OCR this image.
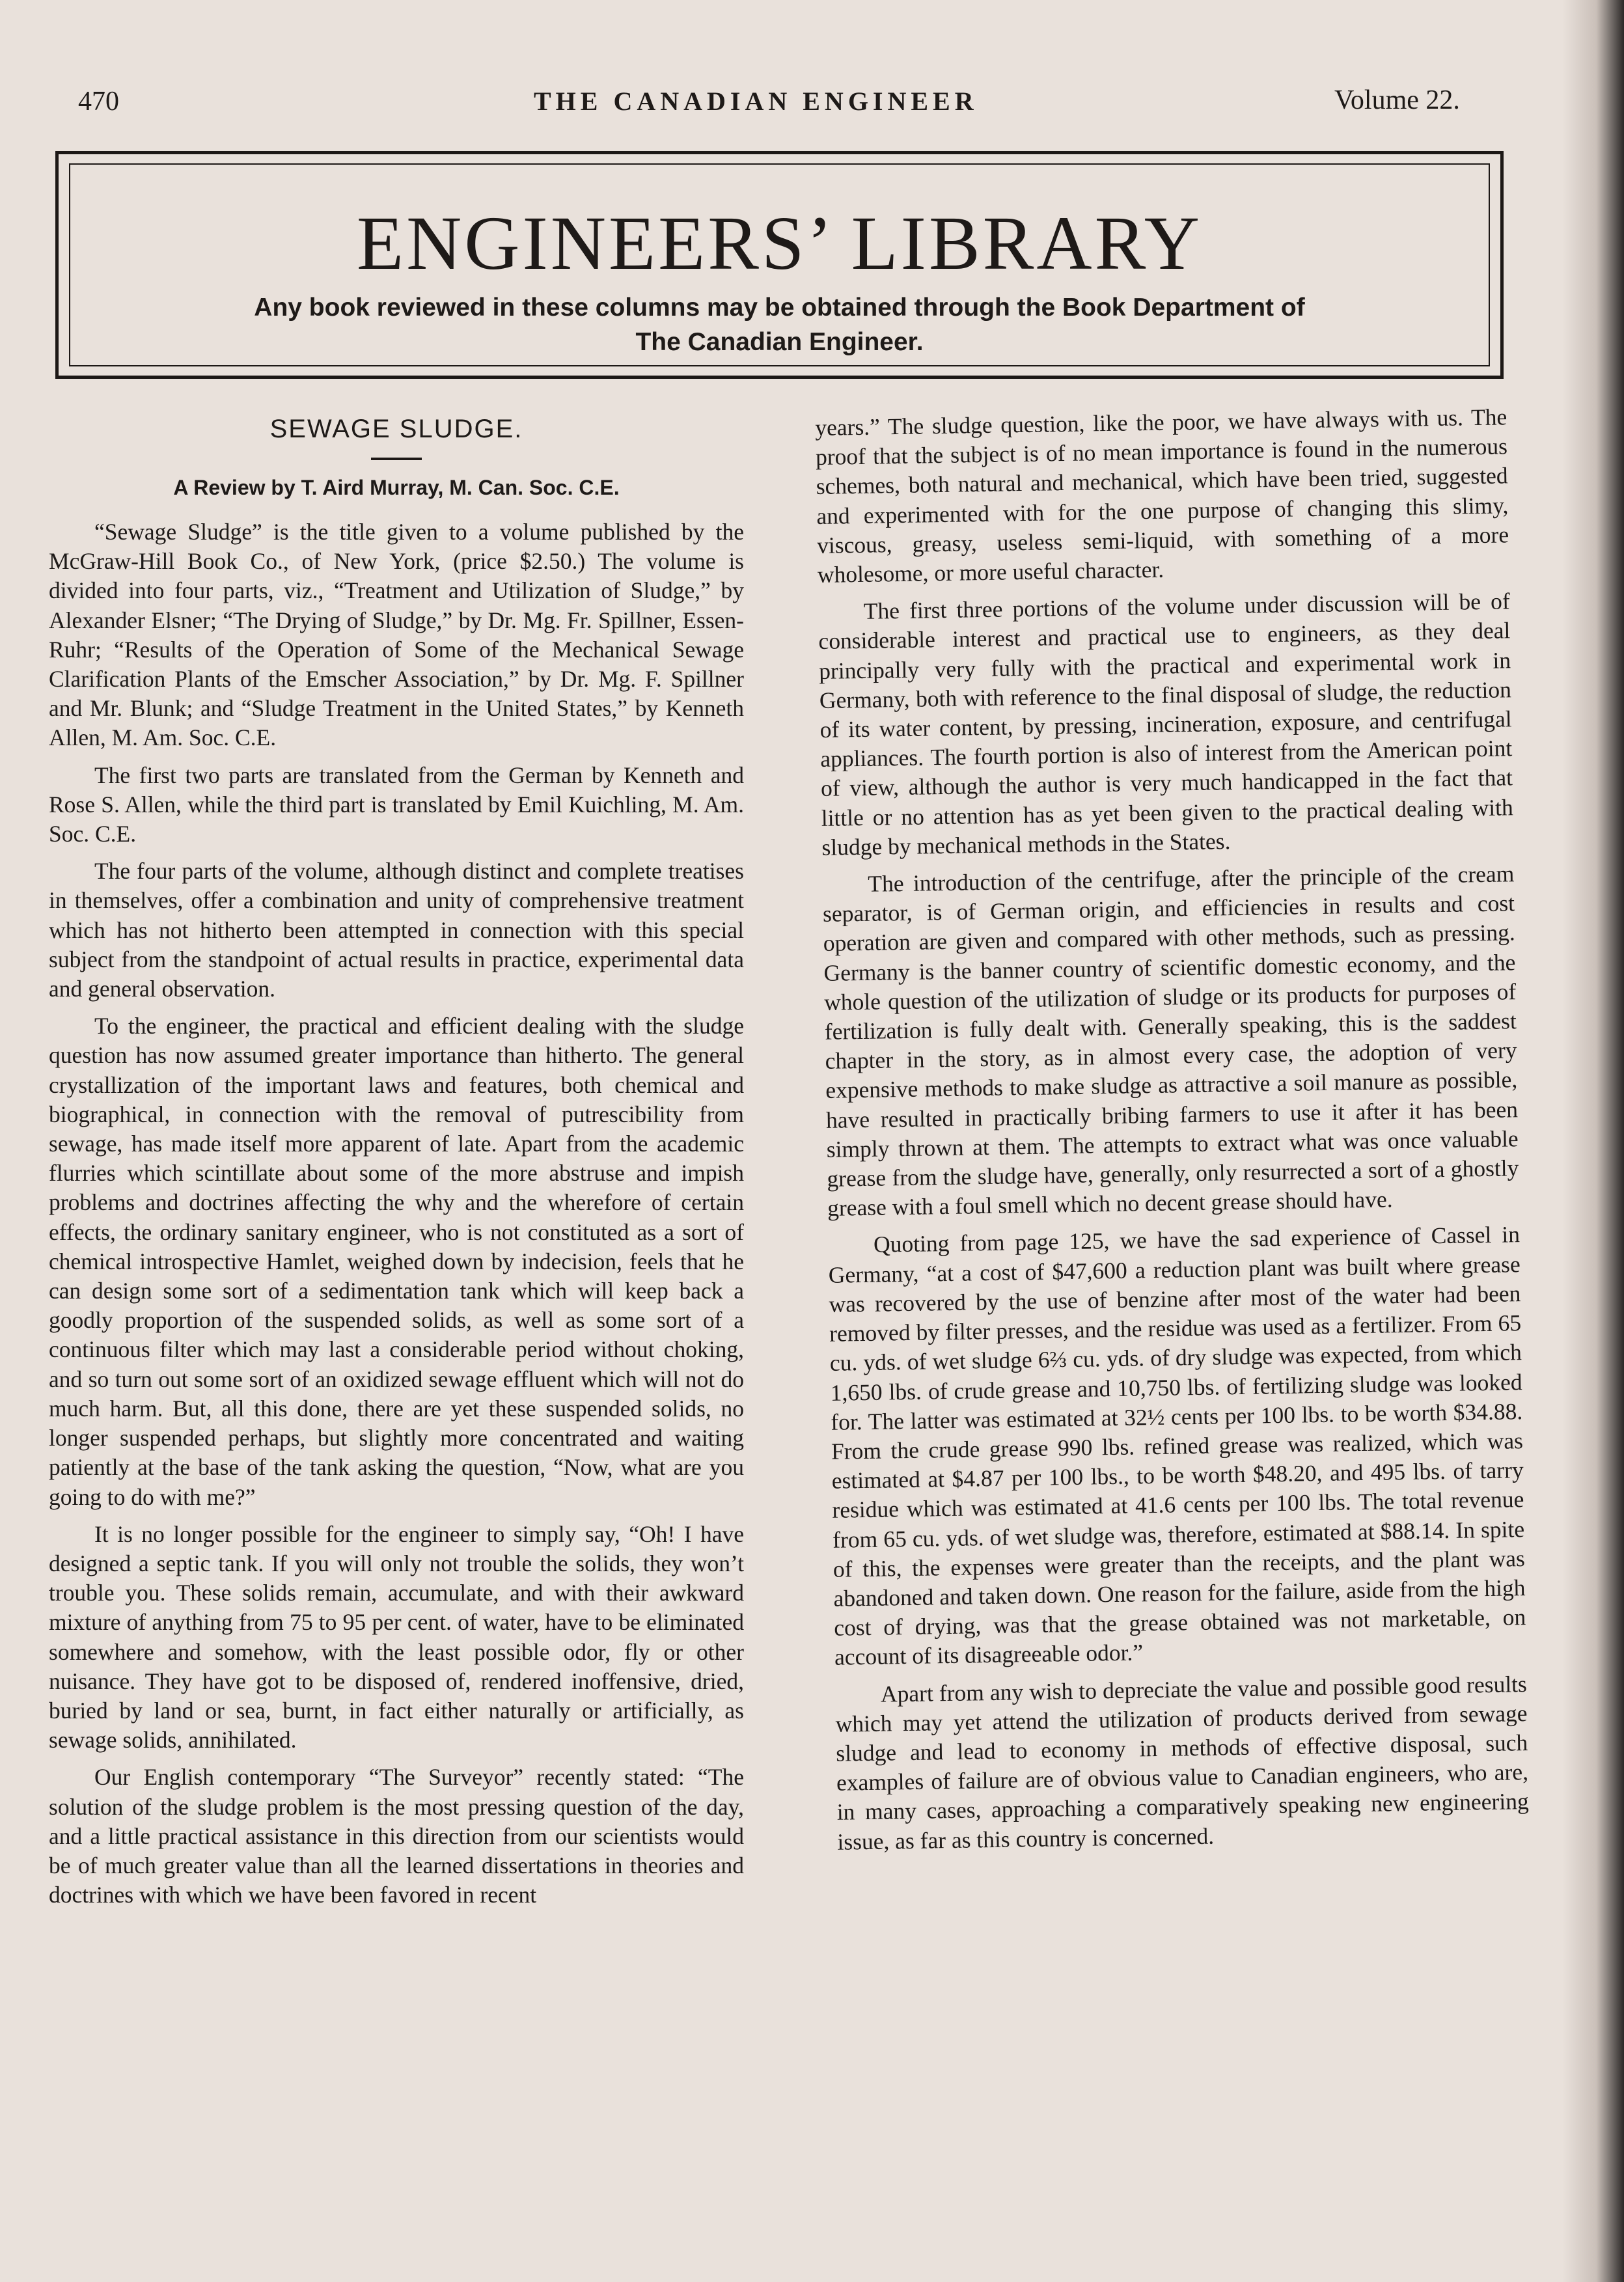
470	THE CANADIAN ENGINEER	Volume 22.
ENGINEERS’ LIBRARY
Any book reviewed in these columns may be obtained through the Book Department of
The Canadian Engineer.
SEWAGE SLUDGE.
A Review by T. Aird Murray, M. Can. Soc. C.E.

“Sewage Sludge” is the title given to a volume published by the McGraw-Hill Book Co., of New York, (price $2.50.) The volume is divided into four parts, viz., “Treatment and Utilization of Sludge,” by Alexander Elsner; “The Drying of Sludge,” by Dr. Mg. Fr. Spillner, Essen-Ruhr; “Results of the Operation of Some of the Mechanical Sewage Clarification Plants of the Emscher Association,” by Dr. Mg. F. Spillner and Mr. Blunk; and “Sludge Treatment in the United States,” by Kenneth Allen, M. Am. Soc. C.E.

The first two parts are translated from the German by Kenneth and Rose S. Allen, while the third part is translated by Emil Kuichling, M. Am. Soc. C.E.

The four parts of the volume, although distinct and complete treatises in themselves, offer a combination and unity of comprehensive treatment which has not hitherto been attempted in connection with this special subject from the standpoint of actual results in practice, experimental data and general observation.

To the engineer, the practical and efficient dealing with the sludge question has now assumed greater importance than hitherto. The general crystallization of the important laws and features, both chemical and biographical, in connection with the removal of putrescibility from sewage, has made itself more apparent of late. Apart from the academic flurries which scintillate about some of the more abstruse and impish problems and doctrines affecting the why and the wherefore of certain effects, the ordinary sanitary engineer, who is not constituted as a sort of chemical introspective Hamlet, weighed down by indecision, feels that he can design some sort of a sedimentation tank which will keep back a goodly proportion of the suspended solids, as well as some sort of a continuous filter which may last a considerable period without choking, and so turn out some sort of an oxidized sewage effluent which will not do much harm. But, all this done, there are yet these suspended solids, no longer suspended perhaps, but slightly more concentrated and waiting patiently at the base of the tank asking the question, “Now, what are you going to do with me?”

It is no longer possible for the engineer to simply say, “Oh! I have designed a septic tank. If you will only not trouble the solids, they won’t trouble you. These solids remain, accumulate, and with their awkward mixture of anything from 75 to 95 per cent. of water, have to be eliminated somewhere and somehow, with the least possible odor, fly or other nuisance. They have got to be disposed of, rendered inoffensive, dried, buried by land or sea, burnt, in fact either naturally or artificially, as sewage solids, annihilated.

Our English contemporary “The Surveyor” recently stated: “The solution of the sludge problem is the most pressing question of the day, and a little practical assistance in this direction from our scientists would be of much greater value than all the learned dissertations in theories and doctrines with which we have been favored in recent

years.” The sludge question, like the poor, we have always with us. The proof that the subject is of no mean importance is found in the numerous schemes, both natural and mechanical, which have been tried, suggested and experimented with for the one purpose of changing this slimy, viscous, greasy, useless semi-liquid, with something of a more wholesome, or more useful character.

The first three portions of the volume under discussion will be of considerable interest and practical use to engineers, as they deal principally very fully with the practical and experimental work in Germany, both with reference to the final disposal of sludge, the reduction of its water content, by pressing, incineration, exposure, and centrifugal appliances. The fourth portion is also of interest from the American point of view, although the author is very much handicapped in the fact that little or no attention has as yet been given to the practical dealing with sludge by mechanical methods in the States.

The introduction of the centrifuge, after the principle of the cream separator, is of German origin, and efficiencies in results and cost operation are given and compared with other methods, such as pressing. Germany is the banner country of scientific domestic economy, and the whole question of the utilization of sludge or its products for purposes of fertilization is fully dealt with. Generally speaking, this is the saddest chapter in the story, as in almost every case, the adoption of very expensive methods to make sludge as attractive a soil manure as possible, have resulted in practically bribing farmers to use it after it has been simply thrown at them. The attempts to extract what was once valuable grease from the sludge have, generally, only resurrected a sort of a ghostly grease with a foul smell which no decent grease should have.

Quoting from page 125, we have the sad experience of Cassel in Germany, “at a cost of $47,600 a reduction plant was built where grease was recovered by the use of benzine after most of the water had been removed by filter presses, and the residue was used as a fertilizer. From 65 cu. yds. of wet sludge 6⅔ cu. yds. of dry sludge was expected, from which 1,650 lbs. of crude grease and 10,750 lbs. of fertilizing sludge was looked for. The latter was estimated at 32½ cents per 100 lbs. to be worth $34.88. From the crude grease 990 lbs. refined grease was realized, which was estimated at $4.87 per 100 lbs., to be worth $48.20, and 495 lbs. of tarry residue which was estimated at 41.6 cents per 100 lbs. The total revenue from 65 cu. yds. of wet sludge was, therefore, estimated at $88.14. In spite of this, the expenses were greater than the receipts, and the plant was abandoned and taken down. One reason for the failure, aside from the high cost of drying, was that the grease obtained was not marketable, on account of its disagreeable odor.”

Apart from any wish to depreciate the value and possible good results which may yet attend the utilization of products derived from sewage sludge and lead to economy in methods of effective disposal, such examples of failure are of obvious value to Canadian engineers, who are, in many cases, approaching a comparatively speaking new engineering issue, as far as this country is concerned.
